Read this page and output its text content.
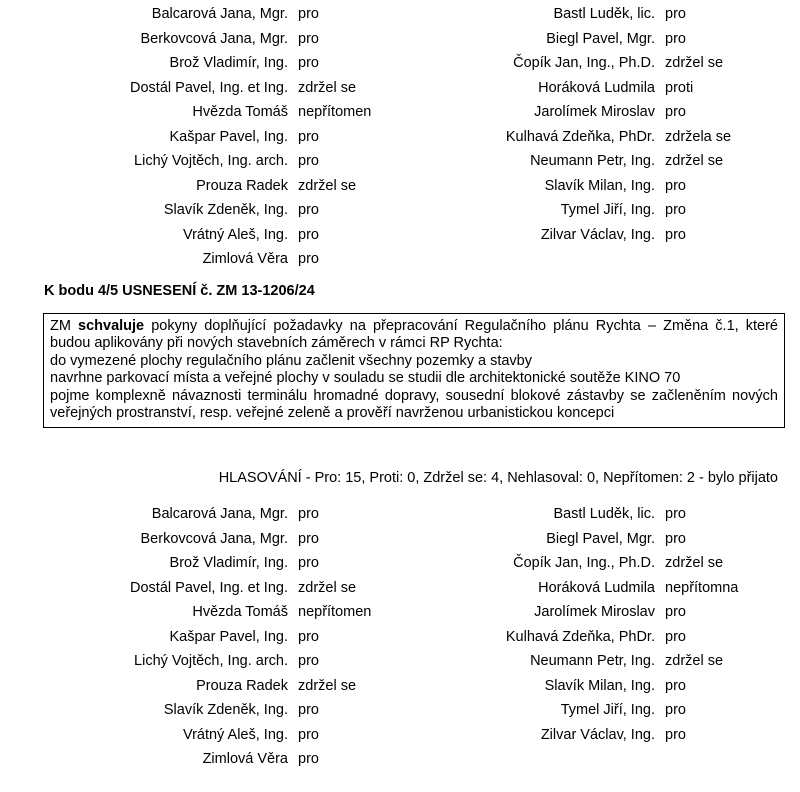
Balcarová Jana, Mgr. pro	Bastl Luděk, lic. pro
Berkovcová Jana, Mgr. pro	Biegl Pavel, Mgr. pro
Brož Vladimír, Ing. pro	Čopík Jan, Ing., Ph.D. zdržel se
Dostál Pavel, Ing. et Ing. zdržel se	Horáková Ludmila proti
Hvězda Tomáš nepřítomen	Jarolímek Miroslav pro
Kašpar Pavel, Ing. pro	Kulhavá Zdeňka, PhDr. zdržela se
Lichý Vojtěch, Ing. arch. pro	Neumann Petr, Ing. zdržel se
Prouza Radek zdržel se	Slavík Milan, Ing. pro
Slavík Zdeněk, Ing. pro	Tymel Jiří, Ing. pro
Vrátný Aleš, Ing. pro	Zilvar Václav, Ing. pro
Zimlová Věra pro
K bodu 4/5 USNESENÍ č. ZM 13-1206/24
ZM schvaluje pokyny doplňující požadavky na přepracování Regulačního plánu Rychta – Změna č.1, které budou aplikovány při nových stavebních záměrech v rámci RP Rychta:
do vymezené plochy regulačního plánu začlenit všechny pozemky a stavby
navrhne parkovací místa a veřejné plochy v souladu se studii dle architektonické soutěže KINO 70
pojme komplexně návaznosti terminálu hromadné dopravy, sousední blokové zástavby se začleněním nových veřejných prostranství, resp. veřejné zeleně a prověří navrženou urbanistickou koncepci
HLASOVÁNÍ - Pro: 15, Proti: 0, Zdržel se: 4, Nehlasoval: 0, Nepřítomen: 2 - bylo přijato
Balcarová Jana, Mgr. pro	Bastl Luděk, lic. pro
Berkovcová Jana, Mgr. pro	Biegl Pavel, Mgr. pro
Brož Vladimír, Ing. pro	Čopík Jan, Ing., Ph.D. zdržel se
Dostál Pavel, Ing. et Ing. zdržel se	Horáková Ludmila nepřítomna
Hvězda Tomáš nepřítomen	Jarolímek Miroslav pro
Kašpar Pavel, Ing. pro	Kulhavá Zdeňka, PhDr. pro
Lichý Vojtěch, Ing. arch. pro	Neumann Petr, Ing. zdržel se
Prouza Radek zdržel se	Slavík Milan, Ing. pro
Slavík Zdeněk, Ing. pro	Tymel Jiří, Ing. pro
Vrátný Aleš, Ing. pro	Zilvar Václav, Ing. pro
Zimlová Věra pro
